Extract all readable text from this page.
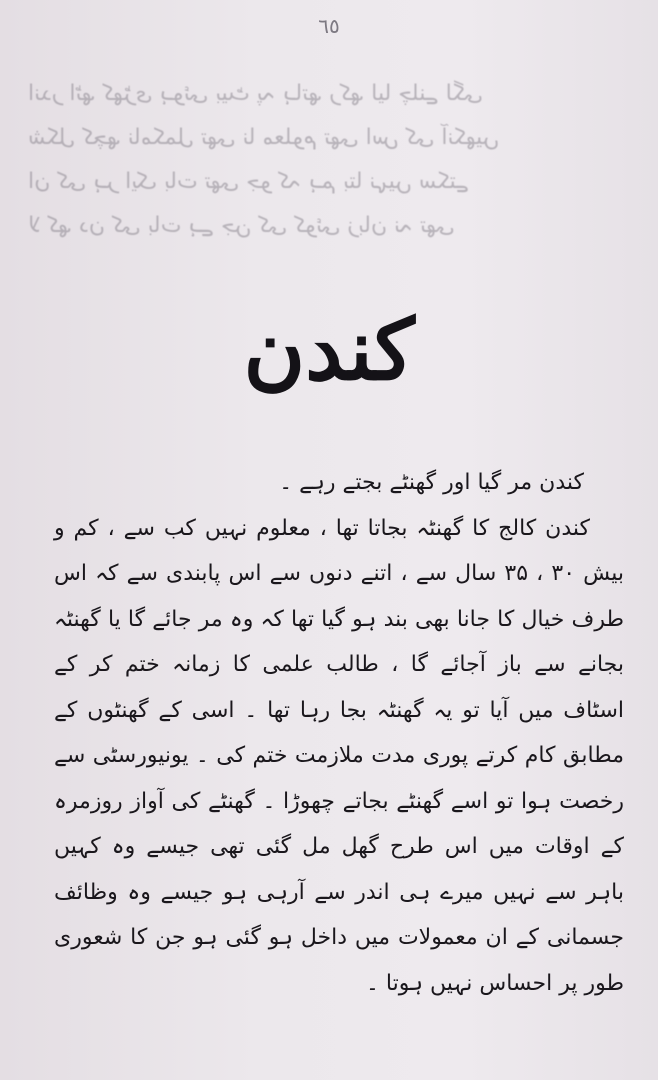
٦٥
اندر اٹھ کھڑی ہوئی بیٹ پہ ہاتھ رکھ لیا چلنے لگی
شکل کچھ نامکمل تھی نا معلوم تھی اس کی آنکھیں
ان کی ہر ایک بات تھی جو کہ ہم بتا نہیں سکتے
لا کھ دن کی بات ہے جن کی کوئی زبان نہ تھی
کندن

کندن مر گیا اور گھنٹے بجتے رہے ۔

کندن کالج کا گھنٹہ بجاتا تھا ، معلوم نہیں کب سے ، کم و بیش ۳۰ ، ۳۵ سال سے ، اتنے دنوں سے اس پابندی سے کہ اس طرف خیال کا جانا بھی بند ہو گیا تھا کہ وہ مر جائے گا یا گھنٹہ بجانے سے باز آجائے گا ، طالب علمی کا زمانہ ختم کر کے اسٹاف میں آیا تو یہ گھنٹہ بجا رہا تھا ۔ اسی کے گھنٹوں کے مطابق کام کرتے پوری مدت ملازمت ختم کی ۔ یونیورسٹی سے رخصت ہوا تو اسے گھنٹے بجاتے چھوڑا ۔ گھنٹے کی آواز روزمرہ کے اوقات میں اس طرح گھل مل گئی تھی جیسے وہ کہیں باہر سے نہیں میرے ہی اندر سے آرہی ہو جیسے وہ وظائف جسمانی کے ان معمولات میں داخل ہو گئی ہو جن کا شعوری طور پر احساس نہیں ہوتا ۔
